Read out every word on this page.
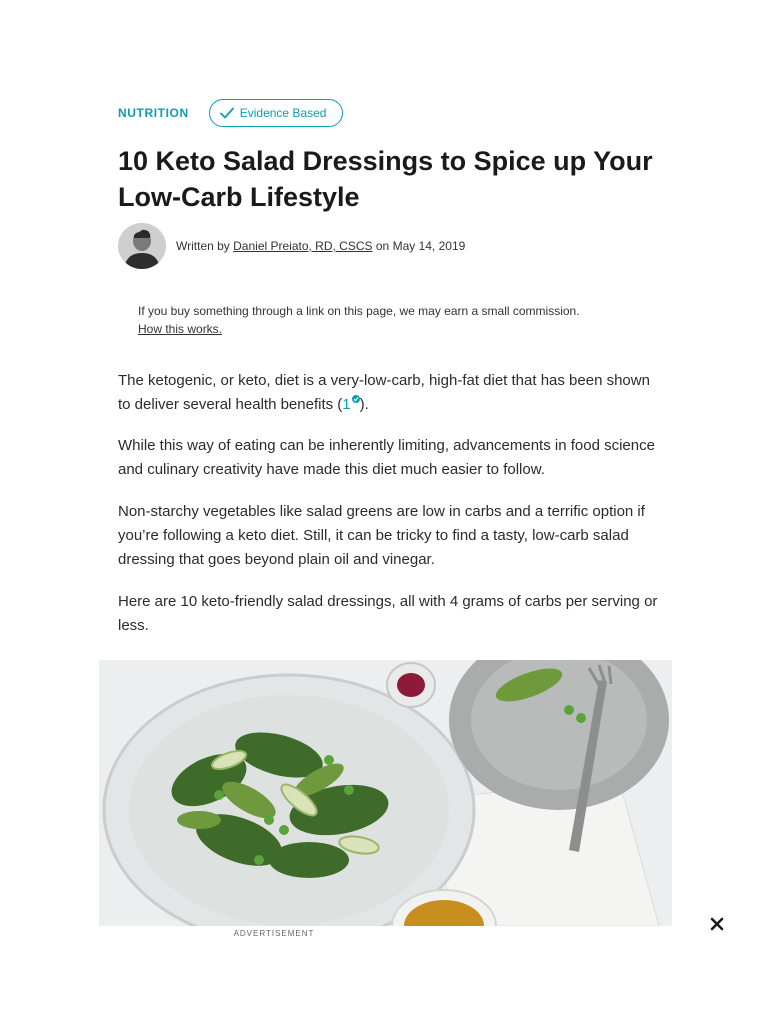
NUTRITION	Evidence Based
10 Keto Salad Dressings to Spice up Your Low-Carb Lifestyle
Written by
Daniel Preiato, RD, CSCS
on
May 14, 2019
If you buy something through a link on this page, we may earn a small commission.
How this works.

The ketogenic, or keto, diet is a very-low-carb, high-fat diet that has been shown to deliver several health benefits (1 ).

While this way of eating can be inherently limiting, advancements in food science and culinary creativity have made this diet much easier to follow.

Non-starchy vegetables like salad greens are low in carbs and a terrific option if you’re following a keto diet. Still, it can be tricky to find a tasty, low-carb salad dressing that goes beyond plain oil and vinegar.

Here are 10 keto-friendly salad dressings, all with 4 grams of carbs per serving or less.

ADVERTISEMENT
